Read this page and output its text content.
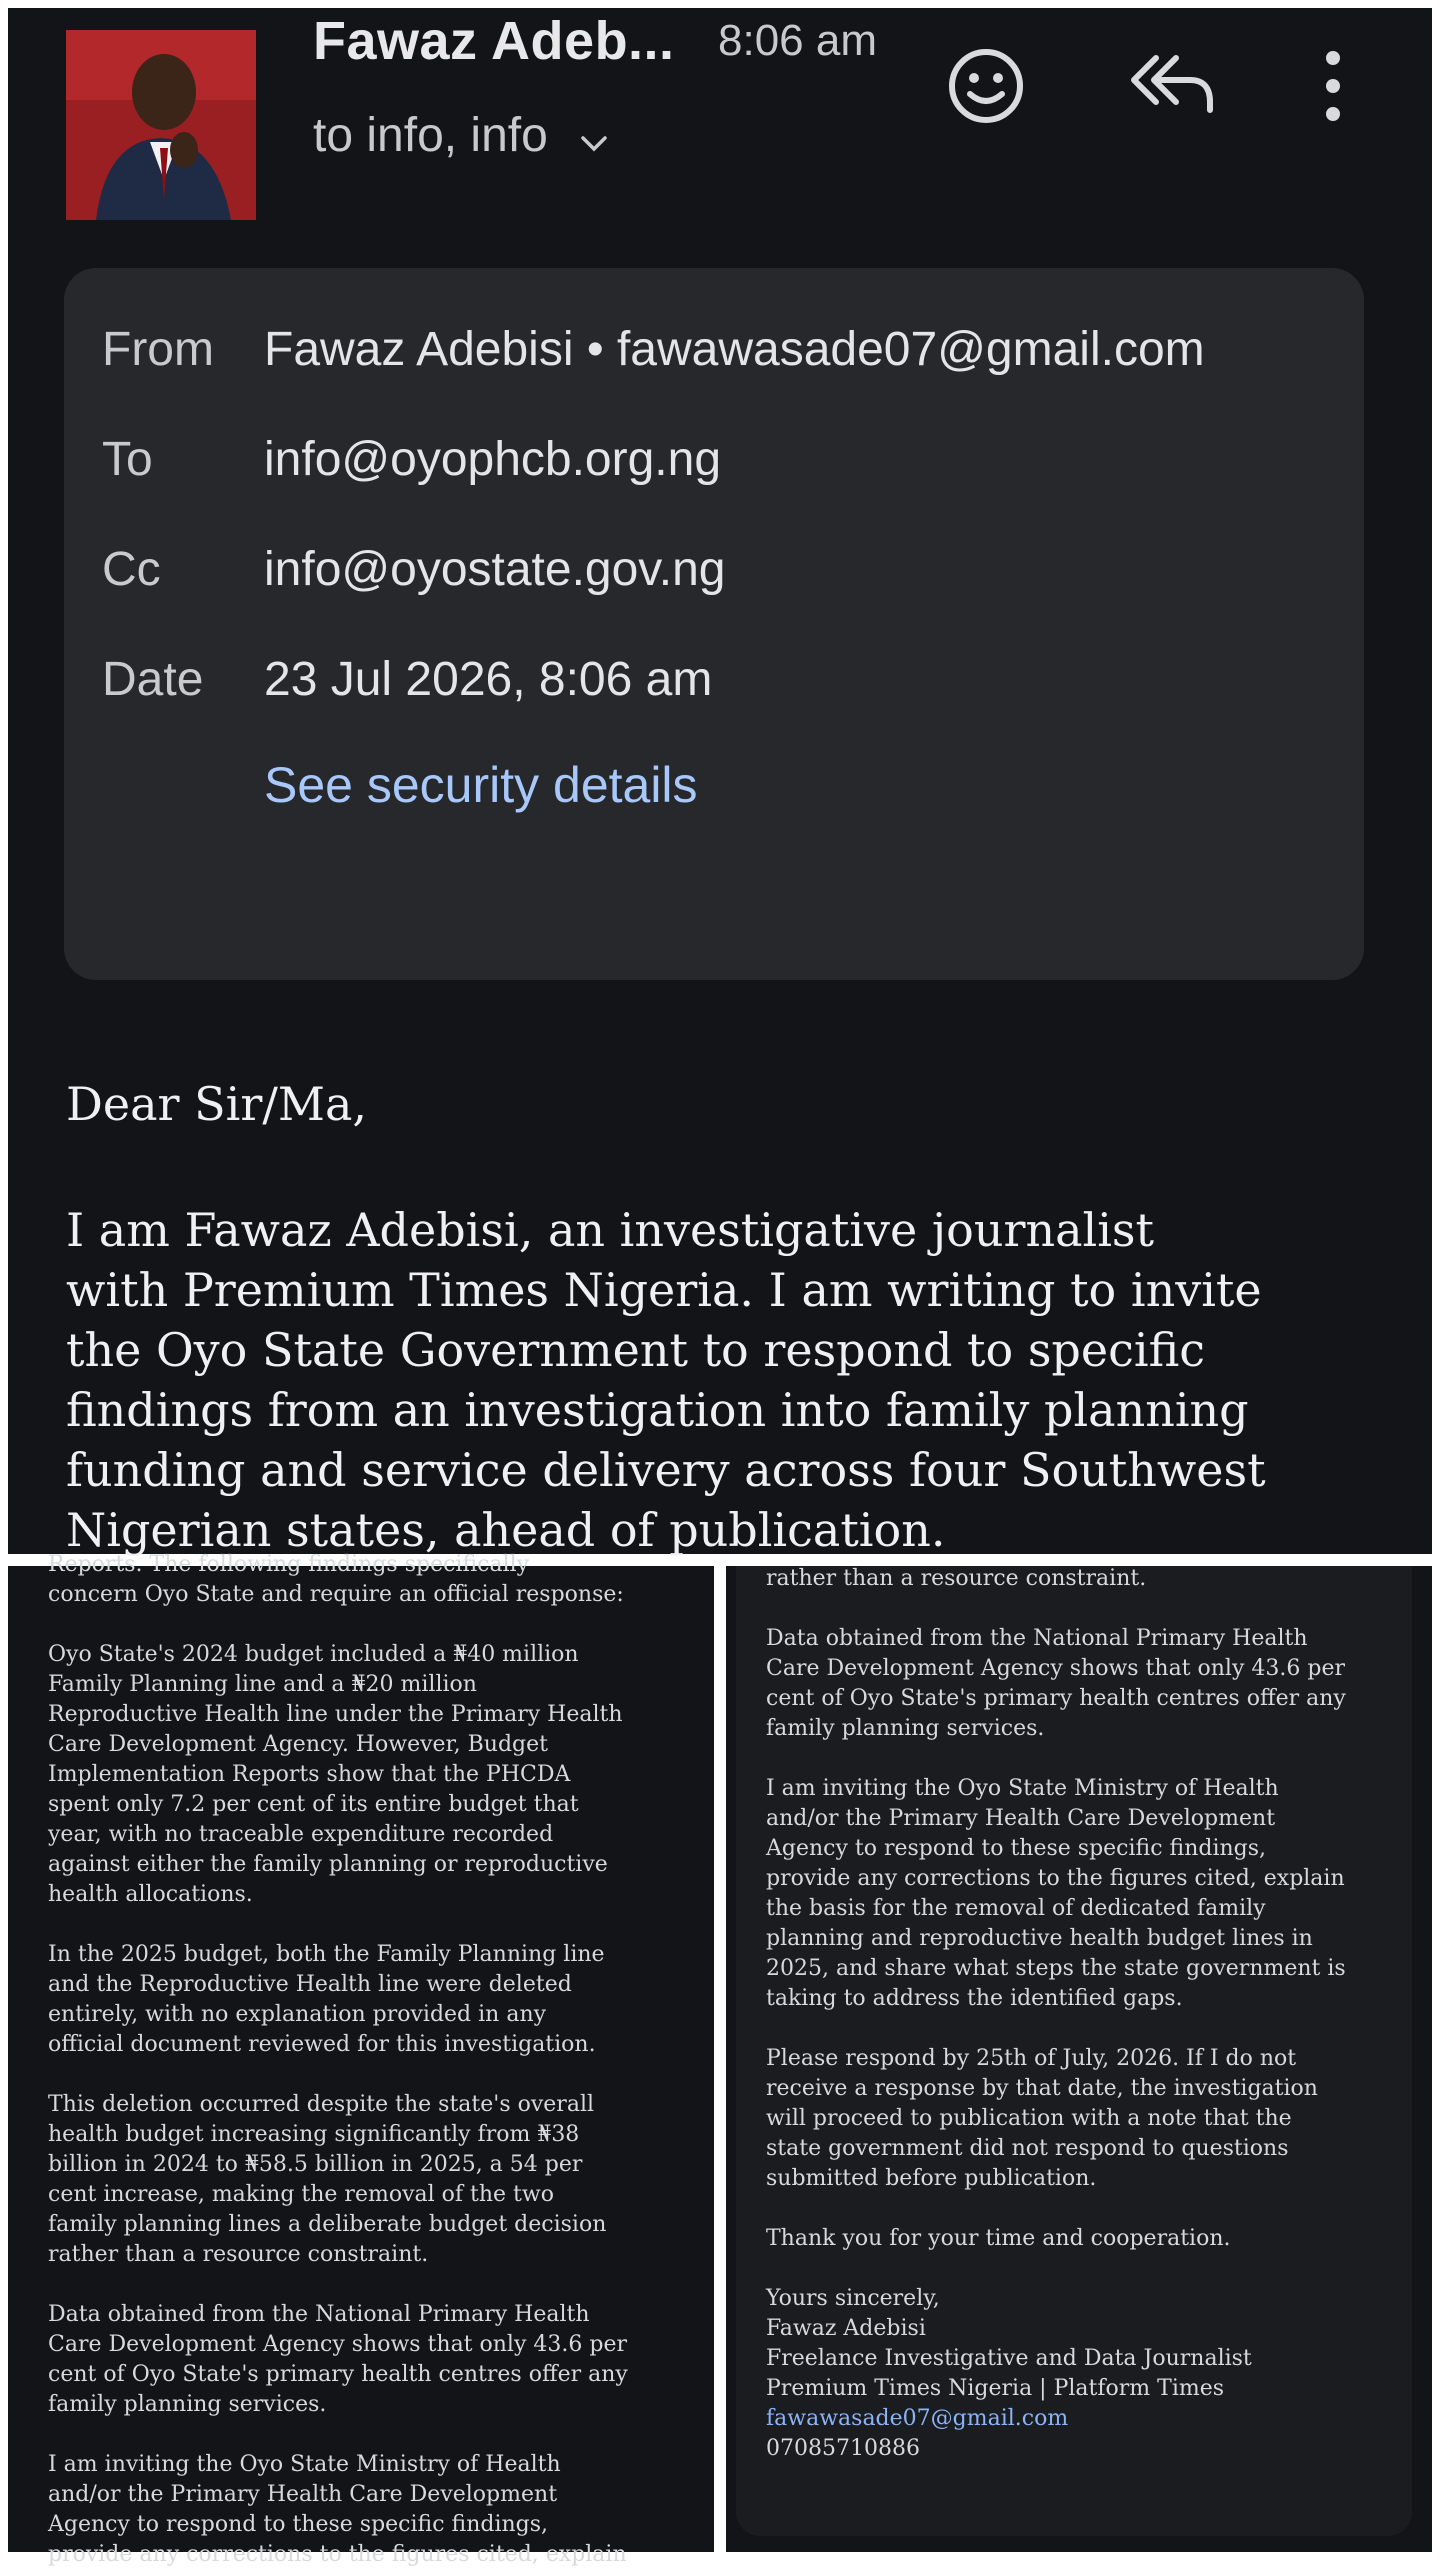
Fawaz Adeb... 8:06 am
to info, info
From Fawaz Adebisi • fawawasade07@gmail.com
To info@oyophcb.org.ng
Cc info@oyostate.gov.ng
Date 23 Jul 2026, 8:06 am
See security details
Dear Sir/Ma,
I am Fawaz Adebisi, an investigative journalist
with Premium Times Nigeria. I am writing to invite
the Oyo State Government to respond to specific
findings from an investigation into family planning
funding and service delivery across four Southwest
Nigerian states, ahead of publication.
Reports. The following findings specifically
concern Oyo State and require an official response:
Oyo State's 2024 budget included a ₦40 million
Family Planning line and a ₦20 million
Reproductive Health line under the Primary Health
Care Development Agency. However, Budget
Implementation Reports show that the PHCDA
spent only 7.2 per cent of its entire budget that
year, with no traceable expenditure recorded
against either the family planning or reproductive
health allocations.
In the 2025 budget, both the Family Planning line
and the Reproductive Health line were deleted
entirely, with no explanation provided in any
official document reviewed for this investigation.
This deletion occurred despite the state's overall
health budget increasing significantly from ₦38
billion in 2024 to ₦58.5 billion in 2025, a 54 per
cent increase, making the removal of the two
family planning lines a deliberate budget decision
rather than a resource constraint.
Data obtained from the National Primary Health
Care Development Agency shows that only 43.6 per
cent of Oyo State's primary health centres offer any
family planning services.
I am inviting the Oyo State Ministry of Health
and/or the Primary Health Care Development
Agency to respond to these specific findings,
provide any corrections to the figures cited, explain
rather than a resource constraint.
Data obtained from the National Primary Health
Care Development Agency shows that only 43.6 per
cent of Oyo State's primary health centres offer any
family planning services.
I am inviting the Oyo State Ministry of Health
and/or the Primary Health Care Development
Agency to respond to these specific findings,
provide any corrections to the figures cited, explain
the basis for the removal of dedicated family
planning and reproductive health budget lines in
2025, and share what steps the state government is
taking to address the identified gaps.
Please respond by 25th of July, 2026. If I do not
receive a response by that date, the investigation
will proceed to publication with a note that the
state government did not respond to questions
submitted before publication.
Thank you for your time and cooperation.
Yours sincerely,
Fawaz Adebisi
Freelance Investigative and Data Journalist
Premium Times Nigeria | Platform Times
fawawasade07@gmail.com
07085710886
